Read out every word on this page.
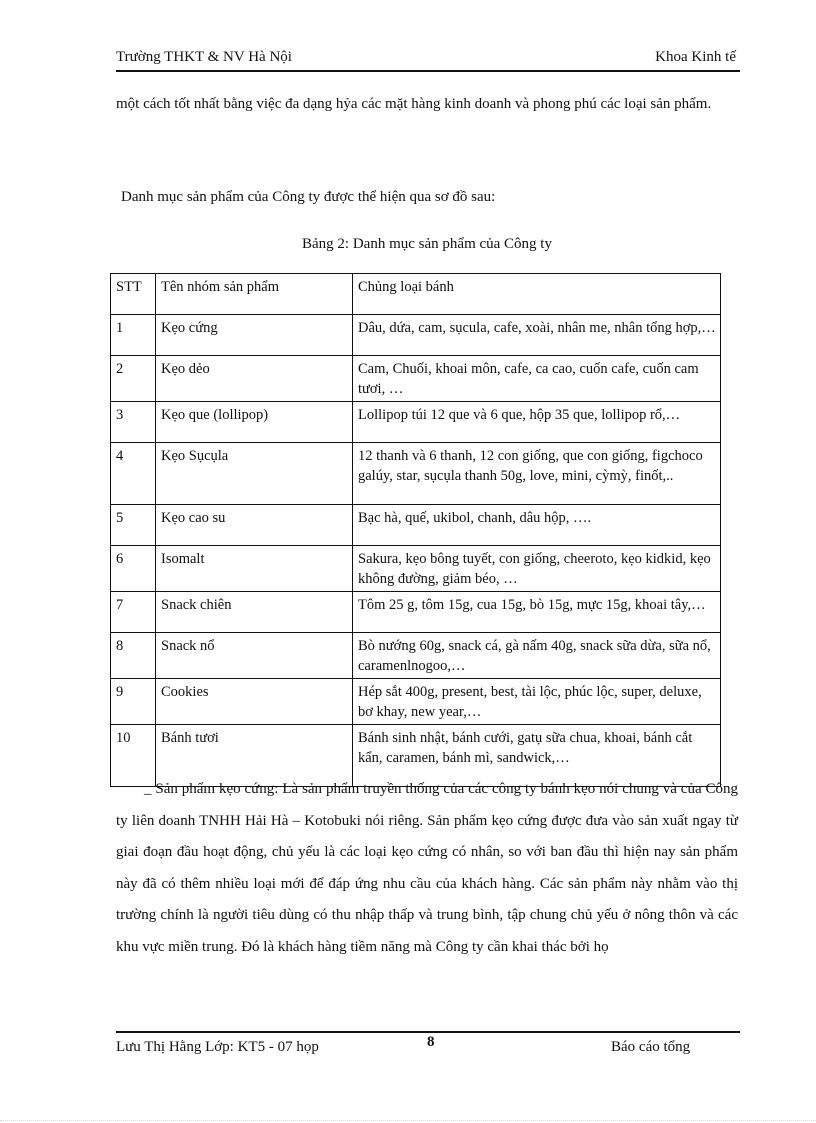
Trường THKT & NV Hà Nội	Khoa Kinh tế
một cách tốt nhất bằng việc đa dạng hỷa các mặt hàng kinh doanh và phong phú các loại sản phẩm.
Danh mục sản phẩm của Công ty được thể hiện qua sơ đồ sau:
Bảng 2: Danh mục sản phẩm của Công ty
STT	Tên nhóm sản phẩm	Chủng loại bánh
1	Kẹo cứng	Dâu, dứa, cam, sụcula, cafe, xoài, nhân me, nhân tổng hợp,…
2	Kẹo dẻo	Cam, Chuối, khoai môn, cafe, ca cao, cuốn cafe, cuốn cam tươi, …
3	Kẹo que (lollipop)	Lollipop túi 12 que và 6 que, hộp 35 que, lollipop rổ,…
4	Kẹo Sụcụla	12 thanh và 6 thanh, 12 con giống, que con giống, figchoco galúy, star, sụcụla thanh 50g, love, mini, cỳmỳ, finốt,..
5	Kẹo cao su	Bạc hà, quế, ukibol, chanh, dâu hộp, ….
6	Isomalt	Sakura, kẹo bông tuyết, con giống, cheeroto, kẹo kidkid, kẹo không đường, giảm béo, …
7	Snack chiên	Tôm 25 g, tôm 15g, cua 15g, bò 15g, mực 15g, khoai tây,…
8	Snack nổ	Bò nướng 60g, snack cá, gà nấm 40g, snack sữa dừa, sữa nổ, caramenlnogoo,…
9	Cookies	Hép sắt 400g, present, best, tài lộc, phúc lộc, super, deluxe, bơ khay, new year,…
10	Bánh tươi	Bánh sinh nhật, bánh cưới, gatụ sữa chua, khoai, bánh cắt kẩn, caramen, bánh mì, sandwick,…
_ Sản phẩm kẹo cứng: Là sản phẩm truyền thống của các công ty bánh kẹo nói chung và của Công ty liên doanh TNHH Hải Hà – Kotobuki nói riêng. Sản phẩm kẹo cứng được đưa vào sản xuất ngay từ giai đoạn đầu hoạt động, chủ yếu là các loại kẹo cứng có nhân, so với ban đầu thì hiện nay sản phẩm này đã có thêm nhiều loại mới để đáp ứng nhu cầu của khách hàng. Các sản phẩm này nhằm vào thị trường chính là người tiêu dùng có thu nhập thấp và trung bình, tập chung chủ yếu ở nông thôn và các khu vực miền trung. Đó là khách hàng tiềm năng mà Công ty cần khai thác bởi họ
Lưu Thị Hằng Lớp: KT5 - 07 họp	8	Báo cáo tổng
